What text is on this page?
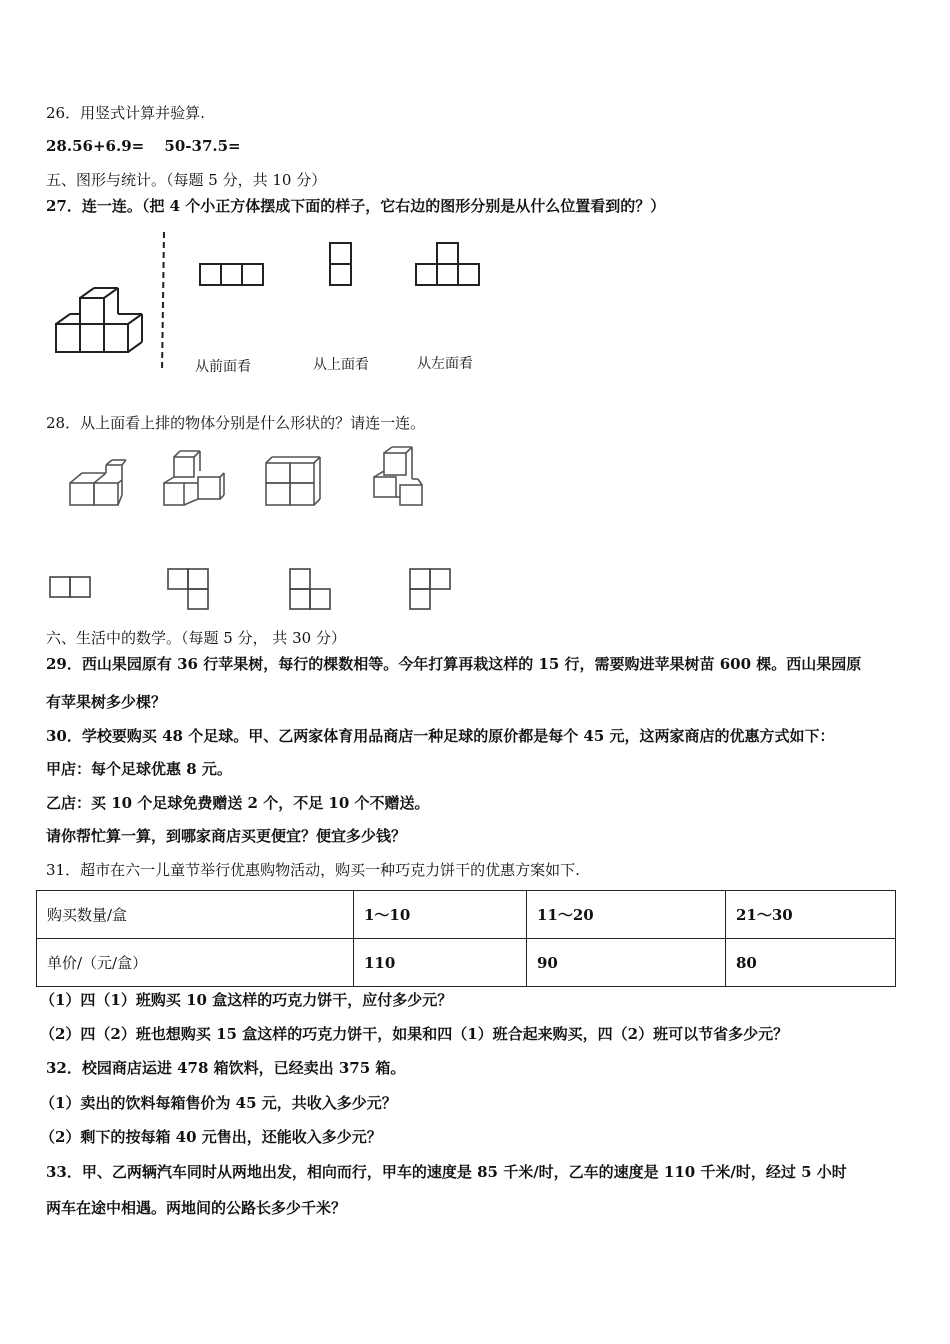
26．用竖式计算并验算.
28.56+6.9=　 50-37.5=
五、图形与统计。（每题 5 分，共 10 分）
27．连一连。（把 4 个小正方体摆成下面的样子，它右边的图形分别是从什么位置看到的？）
从前面看	从上面看	从左面看
28．从上面看上排的物体分别是什么形状的？请连一连。
六、生活中的数学。（每题 5 分， 共 30 分）
29．西山果园原有 36 行苹果树，每行的棵数相等。今年打算再栽这样的 15 行，需要购进苹果树苗 600 棵。西山果园原
有苹果树多少棵？
30．学校要购买 48 个足球。甲、乙两家体育用品商店一种足球的原价都是每个 45 元，这两家商店的优惠方式如下：
甲店：每个足球优惠 8 元。
乙店：买 10 个足球免费赠送 2 个，不足 10 个不赠送。
请你帮忙算一算，到哪家商店买更便宜？便宜多少钱？
31．超市在六一儿童节举行优惠购物活动，购买一种巧克力饼干的优惠方案如下.
购买数量/盒	1～10	11～20	21～30
单价/（元/盒）	110	90	80
（1）四（1）班购买 10 盒这样的巧克力饼干，应付多少元？
（2）四（2）班也想购买 15 盒这样的巧克力饼干，如果和四（1）班合起来购买，四（2）班可以节省多少元？
32．校园商店运进 478 箱饮料，已经卖出 375 箱。
（1）卖出的饮料每箱售价为 45 元，共收入多少元？
（2）剩下的按每箱 40 元售出，还能收入多少元？
33．甲、乙两辆汽车同时从两地出发，相向而行，甲车的速度是 85 千米/时，乙车的速度是 110 千米/时，经过 5 小时
两车在途中相遇。两地间的公路长多少千米？
